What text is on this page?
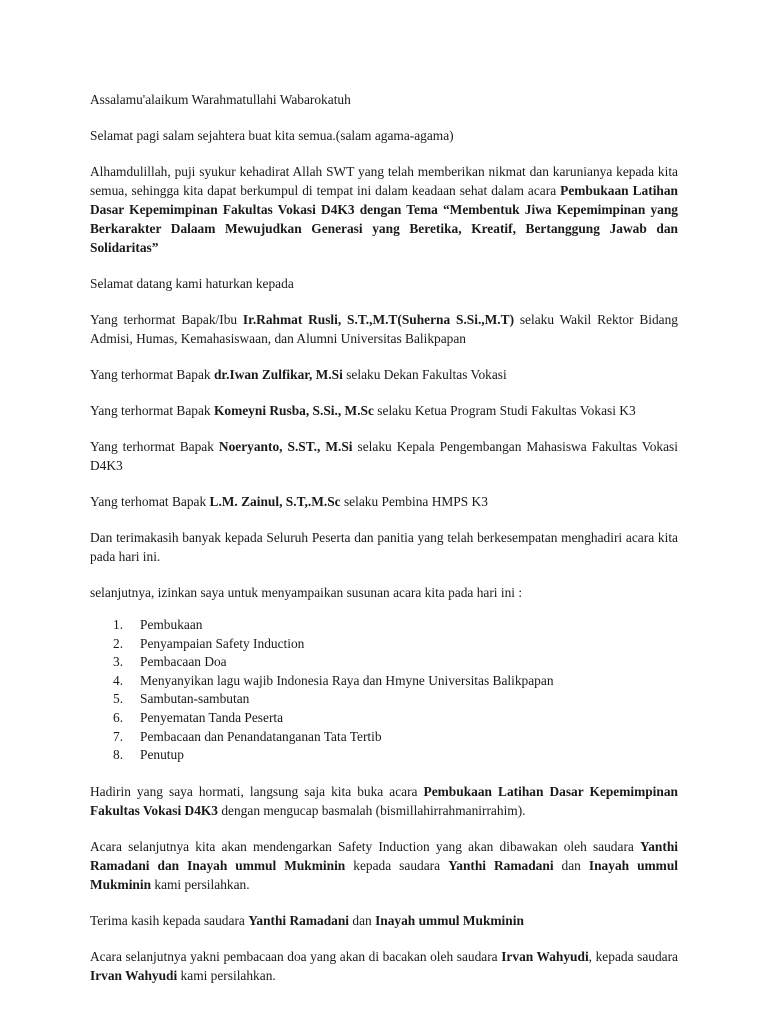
Assalamu'alaikum Warahmatullahi Wabarokatuh

Selamat pagi salam sejahtera buat kita semua.(salam agama-agama)

Alhamdulillah, puji syukur kehadirat Allah SWT yang telah memberikan nikmat dan karunianya kepada kita semua, sehingga kita dapat berkumpul di tempat ini dalam keadaan sehat dalam acara Pembukaan Latihan Dasar Kepemimpinan Fakultas Vokasi D4K3 dengan Tema “Membentuk Jiwa Kepemimpinan yang Berkarakter Dalaam Mewujudkan Generasi yang Beretika, Kreatif, Bertanggung Jawab dan Solidaritas”

Selamat datang kami haturkan kepada

Yang terhormat Bapak/Ibu Ir.Rahmat Rusli, S.T.,M.T(Suherna S.Si.,M.T) selaku Wakil Rektor Bidang Admisi, Humas, Kemahasiswaan, dan Alumni Universitas Balikpapan

Yang terhormat Bapak dr.Iwan Zulfikar, M.Si selaku Dekan Fakultas Vokasi

Yang terhormat Bapak Komeyni Rusba, S.Si., M.Sc selaku Ketua Program Studi Fakultas Vokasi K3

Yang terhormat Bapak Noeryanto, S.ST., M.Si selaku Kepala Pengembangan Mahasiswa Fakultas Vokasi D4K3

Yang terhomat Bapak L.M. Zainul, S.T,.M.Sc selaku Pembina HMPS K3

Dan terimakasih banyak kepada Seluruh Peserta dan panitia yang telah berkesempatan menghadiri acara kita pada hari ini.

selanjutnya, izinkan saya untuk menyampaikan susunan acara kita pada hari ini :

1. Pembukaan
2. Penyampaian Safety Induction
3. Pembacaan Doa
4. Menyanyikan lagu wajib Indonesia Raya dan Hmyne Universitas Balikpapan
5. Sambutan-sambutan
6. Penyematan Tanda Peserta
7. Pembacaan dan Penandatanganan Tata Tertib
8. Penutup

Hadirin yang saya hormati, langsung saja kita buka acara Pembukaan Latihan Dasar Kepemimpinan Fakultas Vokasi D4K3 dengan mengucap basmalah (bismillahirrahmanirrahim).

Acara selanjutnya kita akan mendengarkan Safety Induction yang akan dibawakan oleh saudara Yanthi Ramadani dan Inayah ummul Mukminin kepada saudara Yanthi Ramadani dan Inayah ummul Mukminin kami persilahkan.

Terima kasih kepada saudara Yanthi Ramadani dan Inayah ummul Mukminin

Acara selanjutnya yakni pembacaan doa yang akan di bacakan oleh saudara Irvan Wahyudi, kepada saudara Irvan Wahyudi kami persilahkan.
